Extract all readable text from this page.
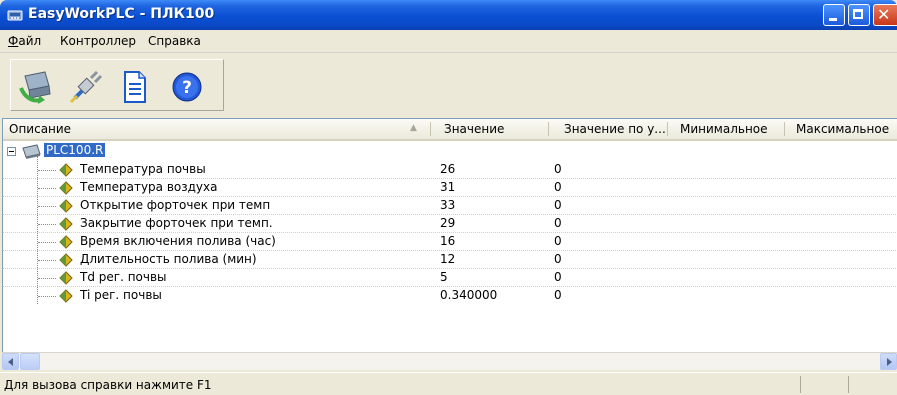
EasyWorkPLC - ПЛК100	✕
Файл Контроллер Справка
?
Описание	▲ Значение	Значение по у... Минимальное Максимальное
PLC100.R
Температура почвы	26	0
Температура воздуха	31	0
Открытие форточек при темп	33	0
Закрытие форточек при темп.	29	0
Время включения полива (час)	16	0
Длительность полива (мин)	12	0
Td рег. почвы	5	0
Ti рег. почвы	0.340000	0
Для вызова справки нажмите F1
